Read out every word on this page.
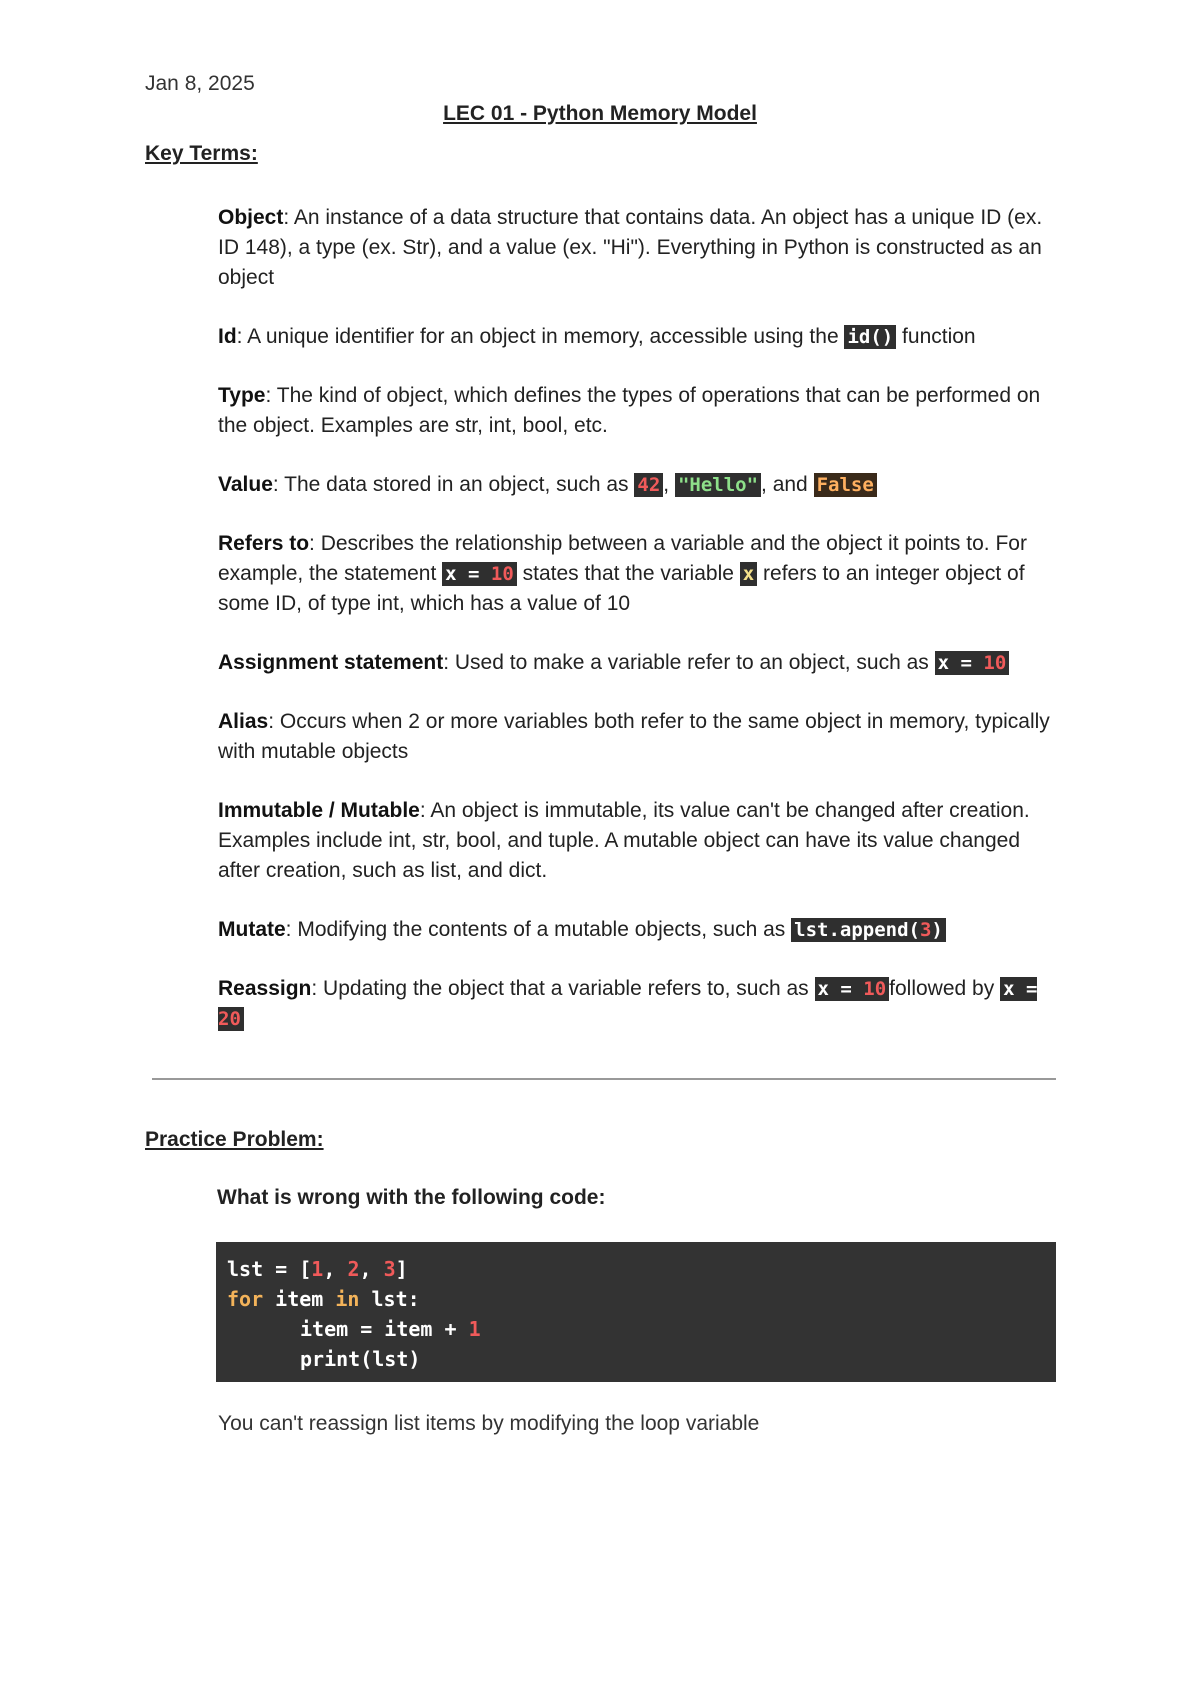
Jan 8, 2025
LEC 01 - Python Memory Model
Key Terms:

Object: An instance of a data structure that contains data. An object has a unique ID (ex. ID 148), a type (ex. Str), and a value (ex. "Hi"). Everything in Python is constructed as an object

Id: A unique identifier for an object in memory, accessible using the id() function

Type: The kind of object, which defines the types of operations that can be performed on the object. Examples are str, int, bool, etc.

Value: The data stored in an object, such as 42 , "Hello" , and False

Refers to: Describes the relationship between a variable and the object it points to. For example, the statement x = 10 states that the variable x refers to an integer object of some ID, of type int, which has a value of 10

Assignment statement: Used to make a variable refer to an object, such as x = 10

Alias: Occurs when 2 or more variables both refer to the same object in memory, typically with mutable objects

Immutable / Mutable: An object is immutable, its value can't be changed after creation. Examples include int, str, bool, and tuple. A mutable object can have its value changed after creation, such as list, and dict.

Mutate: Modifying the contents of a mutable objects, such as lst.append(3)

Reassign: Updating the object that a variable refers to, such as x = 10 followed by x = 20

Practice Problem:
What is wrong with the following code:
lst = [1, 2, 3]
for item in lst:
item = item + 1
print(lst)
You can't reassign list items by modifying the loop variable
